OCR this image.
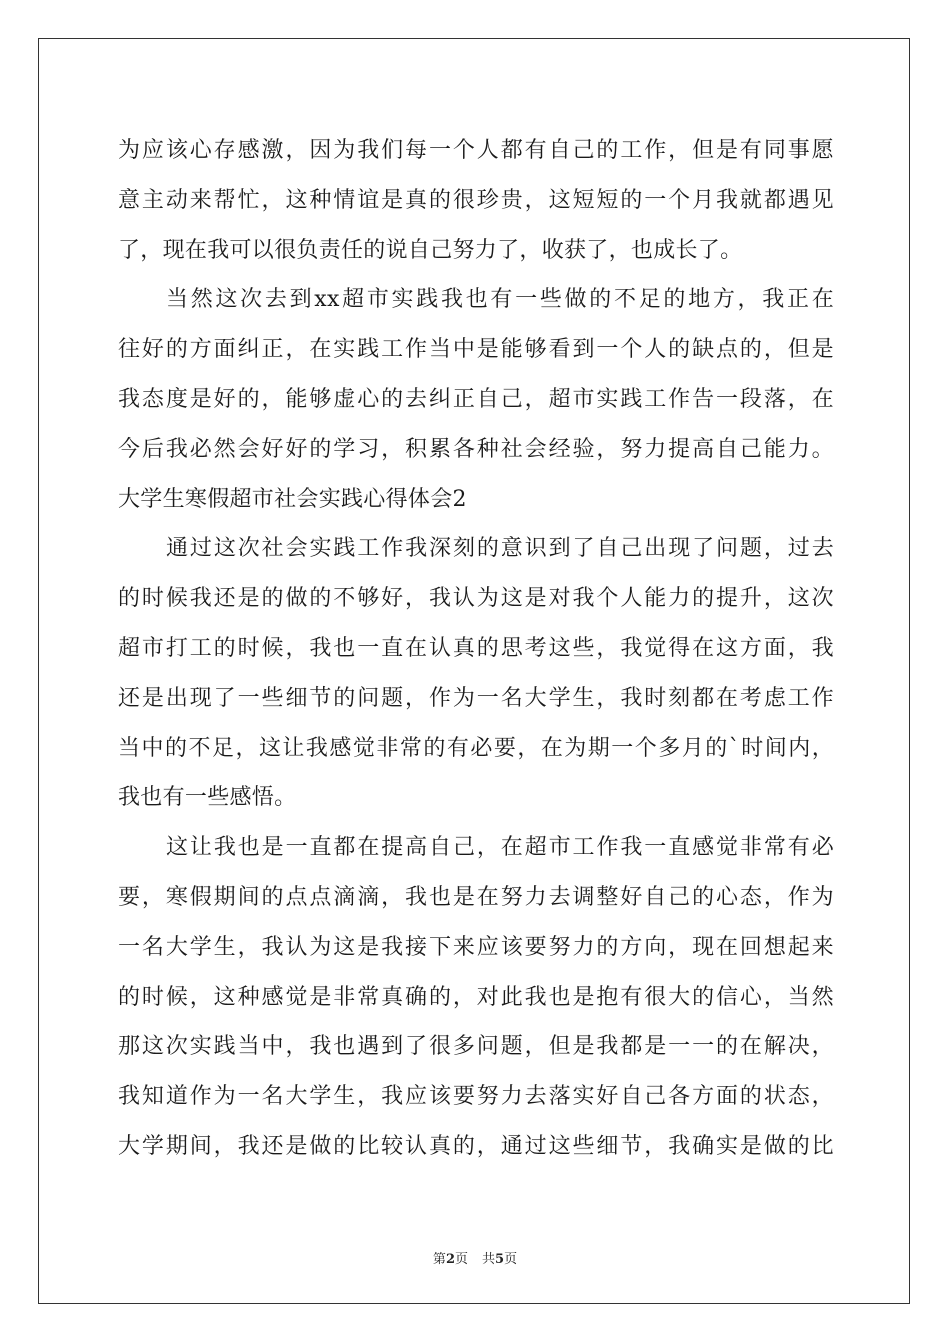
为应该心存感激，因为我们每一个人都有自己的工作，但是有同事愿
意主动来帮忙，这种情谊是真的很珍贵，这短短的一个月我就都遇见
了，现在我可以很负责任的说自己努力了，收获了，也成长了。
当然这次去到xx超市实践我也有一些做的不足的地方，我正在
往好的方面纠正，在实践工作当中是能够看到一个人的缺点的，但是
我态度是好的，能够虚心的去纠正自己，超市实践工作告一段落，在
今后我必然会好好的学习，积累各种社会经验，努力提高自己能力。
大学生寒假超市社会实践心得体会2
通过这次社会实践工作我深刻的意识到了自己出现了问题，过去
的时候我还是的做的不够好，我认为这是对我个人能力的提升，这次
超市打工的时候，我也一直在认真的思考这些，我觉得在这方面，我
还是出现了一些细节的问题，作为一名大学生，我时刻都在考虑工作
当中的不足，这让我感觉非常的有必要，在为期一个多月的`时间内，
我也有一些感悟。
这让我也是一直都在提高自己，在超市工作我一直感觉非常有必
要，寒假期间的点点滴滴，我也是在努力去调整好自己的心态，作为
一名大学生，我认为这是我接下来应该要努力的方向，现在回想起来
的时候，这种感觉是非常真确的，对此我也是抱有很大的信心，当然
那这次实践当中，我也遇到了很多问题，但是我都是一一的在解决，
我知道作为一名大学生，我应该要努力去落实好自己各方面的状态，
大学期间，我还是做的比较认真的，通过这些细节，我确实是做的比
第2页 共5页
